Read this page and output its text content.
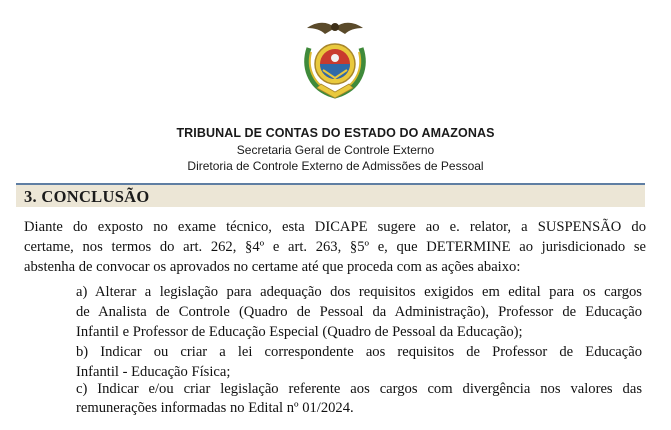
TRIBUNAL DE CONTAS DO ESTADO DO AMAZONAS
Secretaria Geral de Controle Externo
Diretoria de Controle Externo de Admissões de Pessoal
3. CONCLUSÃO
Diante do exposto no exame técnico, esta DICAPE sugere ao e. relator, a SUSPENSÃO do
certame, nos termos do art. 262, §4º e art. 263, §5º e, que DETERMINE ao jurisdicionado se
abstenha de convocar os aprovados no certame até que proceda com as ações abaixo:
a) Alterar a legislação para adequação dos requisitos exigidos em edital para os cargos
de Analista de Controle (Quadro de Pessoal da Administração), Professor de Educação
Infantil e Professor de Educação Especial (Quadro de Pessoal da Educação);
b) Indicar ou criar a lei correspondente aos requisitos de Professor de Educação
Infantil - Educação Física;
c) Indicar e/ou criar legislação referente aos cargos com divergência nos valores das
remunerações informadas no Edital nº 01/2024.
